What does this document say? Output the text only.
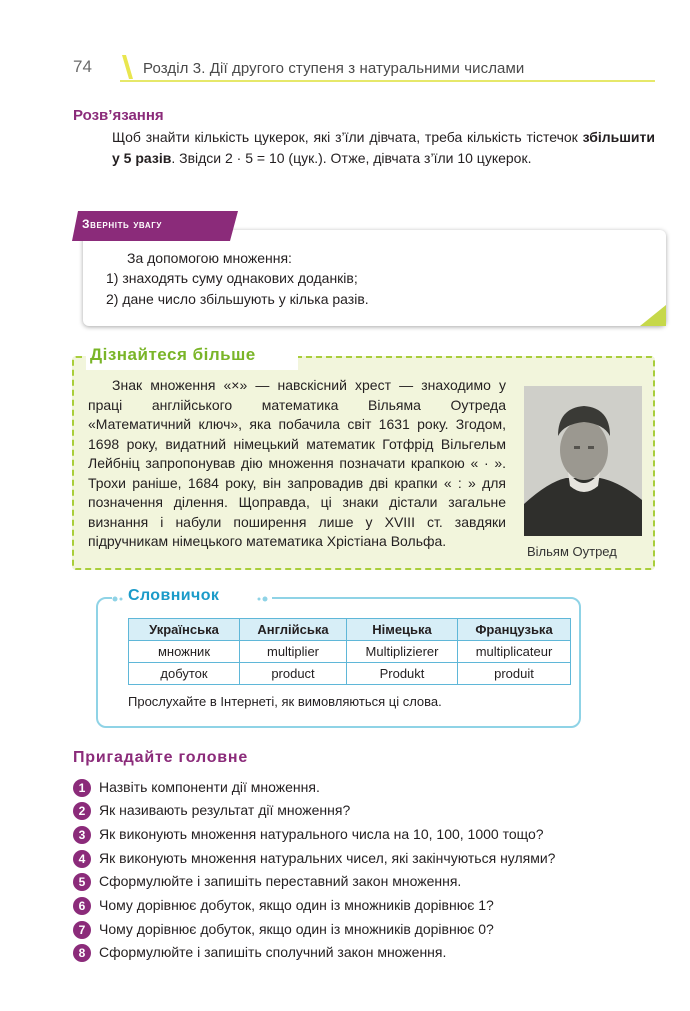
74	Розділ 3. Дії другого ступеня з натуральними числами
Розв’язання
Щоб знайти кількість цукерок, які з’їли дівчата, треба кількість тістечок збільшити у 5 разів. Звідси 2 · 5 = 10 (цук.). Отже, дівчата з’їли 10 цукерок.
Зверніть увагу
За допомогою множення:
1) знаходять суму однакових доданків;
2) дане число збільшують у кілька разів.
Дізнайтеся більше
Знак множення «×» — навскісний хрест — знаходимо у праці англійського математика Вільяма Оутреда «Математичний ключ», яка побачила світ 1631 року. Згодом, 1698 року, видатний німецький математик Готфрід Вільгельм Лейбніц запропонував дію множення позначати крапкою « · ». Трохи раніше, 1684 року, він запровадив дві крапки « : » для позначення ділення. Щоправда, ці знаки дістали загальне визнання і набули поширення лише у XVIII ст. завдяки підручникам німецького математика Хрістіана Вольфа.
Вільям Оутред
Словничок
Українська	Англійська	Німецька	Французька
множник	multiplier	Multiplizierer	multiplicateur
добуток	product	Produkt	produit
Прослухайте в Інтернеті, як вимовляються ці слова.
Пригадайте головне
1 Назвіть компоненти дії множення.
2 Як називають результат дії множення?
3 Як виконують множення натурального числа на 10, 100, 1000 тощо?
4 Як виконують множення натуральних чисел, які закінчуються нулями?
5 Сформулюйте і запишіть переставний закон множення.
6 Чому дорівнює добуток, якщо один із множників дорівнює 1?
7 Чому дорівнює добуток, якщо один із множників дорівнює 0?
8 Сформулюйте і запишіть сполучний закон множення.
